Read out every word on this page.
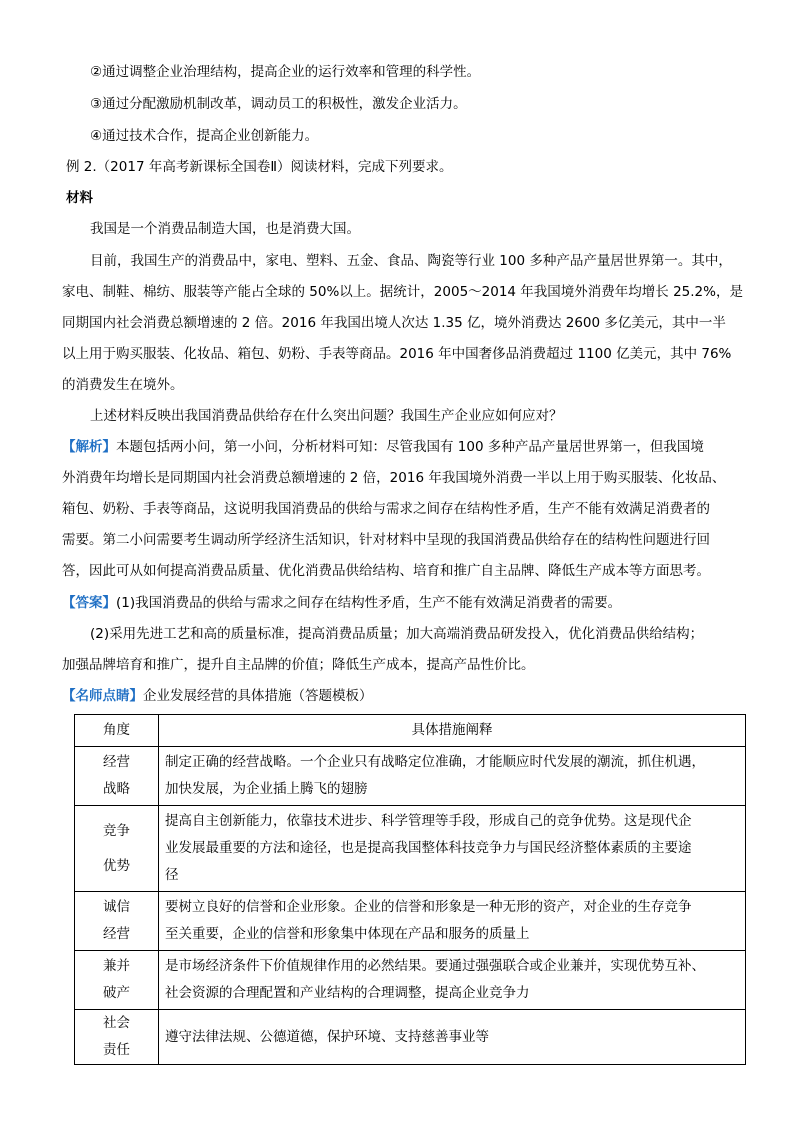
②通过调整企业治理结构，提高企业的运行效率和管理的科学性。
③通过分配激励机制改革，调动员工的积极性，激发企业活力。
④通过技术合作，提高企业创新能力。
例 2.（2017 年高考新课标全国卷Ⅱ）阅读材料，完成下列要求。
材料
我国是一个消费品制造大国，也是消费大国。
目前，我国生产的消费品中，家电、塑料、五金、食品、陶瓷等行业 100 多种产品产量居世界第一。其中，
家电、制鞋、棉纺、服装等产能占全球的 50%以上。据统计，2005～2014 年我国境外消费年均增长 25.2%，是
同期国内社会消费总额增速的 2 倍。2016 年我国出境人次达 1.35 亿，境外消费达 2600 多亿美元，其中一半
以上用于购买服装、化妆品、箱包、奶粉、手表等商品。2016 年中国奢侈品消费超过 1100 亿美元，其中 76%
的消费发生在境外。
上述材料反映出我国消费品供给存在什么突出问题？我国生产企业应如何应对？
【解析】本题包括两小问，第一小问，分析材料可知：尽管我国有 100 多种产品产量居世界第一，但我国境
外消费年均增长是同期国内社会消费总额增速的 2 倍，2016 年我国境外消费一半以上用于购买服装、化妆品、
箱包、奶粉、手表等商品，这说明我国消费品的供给与需求之间存在结构性矛盾，生产不能有效满足消费者的
需要。第二小问需要考生调动所学经济生活知识，针对材料中呈现的我国消费品供给存在的结构性问题进行回
答，因此可从如何提高消费品质量、优化消费品供给结构、培育和推广自主品牌、降低生产成本等方面思考。
【答案】(1)我国消费品的供给与需求之间存在结构性矛盾，生产不能有效满足消费者的需要。
(2)采用先进工艺和高的质量标准，提高消费品质量；加大高端消费品研发投入，优化消费品供给结构；
加强品牌培育和推广，提升自主品牌的价值；降低生产成本，提高产品性价比。
【名师点睛】企业发展经营的具体措施（答题模板）
角度	具体措施阐释

经营
战略	制定正确的经营战略。一个企业只有战略定位准确，才能顺应时代发展的潮流，抓住机遇，
加快发展，为企业插上腾飞的翅膀

竞争
优势	提高自主创新能力，依靠技术进步、科学管理等手段，形成自己的竞争优势。这是现代企
业发展最重要的方法和途径，也是提高我国整体科技竞争力与国民经济整体素质的主要途
径

诚信
经营	要树立良好的信誉和企业形象。企业的信誉和形象是一种无形的资产，对企业的生存竞争
至关重要，企业的信誉和形象集中体现在产品和服务的质量上

兼并
破产	是市场经济条件下价值规律作用的必然结果。要通过强强联合或企业兼并，实现优势互补、
社会资源的合理配置和产业结构的合理调整，提高企业竞争力

社会
责任	遵守法律法规、公德道德，保护环境、支持慈善事业等
